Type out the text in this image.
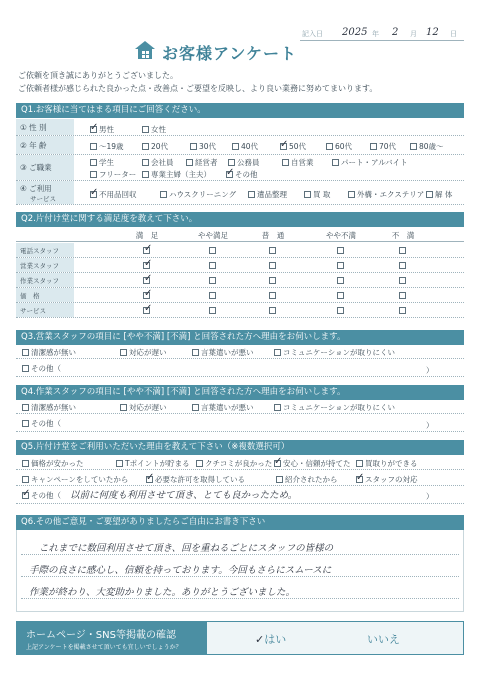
記入日 2025 年 2 月 12 日
お客様アンケート
ご依頼を頂き誠にありがとうございました。
ご依頼者様が感じられた良かった点・改善点・ご要望を反映し、より良い業務に努めてまいります。
Q1.お客様に当てはまる項目にご回答ください。
① 性 別	✓ 男性	女性
② 年 齢	～19歳	20代	30代	40代 ✓ 50代	60代	70代	80歳～
③ ご職業
学生	会社員	経営者	公務員	自営業	パート・アルバイト
フリーター 専業主婦（主夫） ✓ その他
④ ご利用
サービス
✓ 不用品回収	ハウスクリーニング	遺品整理	買 取	外構・エクステリア 解 体
Q2.片付け堂に関する満足度を教えて下さい。
満　足	やや満足	普　通	やや不満	不　満
電話スタッフ	✓
営業スタッフ	✓
作業スタッフ	✓
価　格	✓
サービス	✓
Q3.営業スタッフの項目に [やや不満] [不満] と回答された方へ理由をお伺いします。
清潔感が無い	対応が遅い	言葉遣いが悪い	コミュニケーションが取りにくい
その他（	）
Q4.作業スタッフの項目に [やや不満] [不満] と回答された方へ理由をお伺いします。
清潔感が無い	対応が遅い	言葉遣いが悪い	コミュニケーションが取りにくい
その他（	）
Q5.片付け堂をご利用いただいた理由を教えて下さい（※複数選択可）
価格が安かった	Tポイントが貯まる クチコミが良かった ✓ 安心・信頼が持てた 買取りができる
キャンペーンをしていたから ✓ 必要な許可を取得している	紹介されたから ✓ スタッフの対応
✓ その他（ 以前に何度も利用させて頂き、とても良かったため。	）
Q6.その他ご意見・ご要望がありましたらご自由にお書き下さい
これまでに数回利用させて頂き、回を重ねるごとにスタッフの皆様の
手際の良さに感心し、信頼を持っております。今回もさらにスムースに
作業が終わり、大変助かりました。ありがとうございました。
ホームページ・SNS等掲載の確認
上記アンケートを掲載させて頂いても宜しいでしょうか？
✓はい	いいえ
